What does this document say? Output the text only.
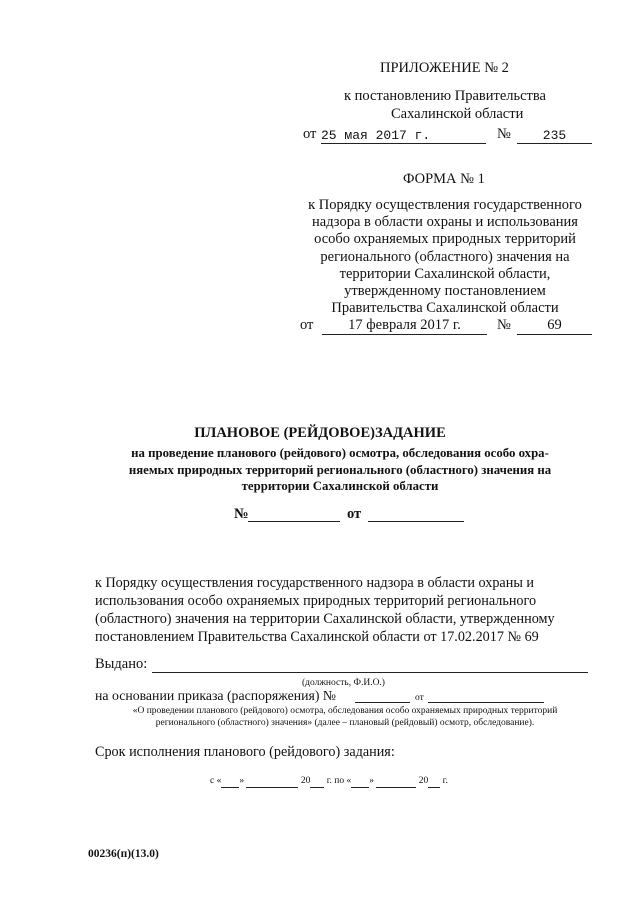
ПРИЛОЖЕНИЕ № 2
к постановлению Правительства
Сахалинской области
от 25 мая 2017 г.	№	235
ФОРМА № 1
к Порядку осуществления государственного
надзора в области охраны и использования
особо охраняемых природных территорий
регионального (областного) значения на
территории Сахалинской области,
утвержденному постановлением
Правительства Сахалинской области
от	17 февраля 2017 г.	№	69
ПЛАНОВОЕ (РЕЙДОВОЕ)ЗАДАНИЕ
на проведение планового (рейдового) осмотра, обследования особо охра-
няемых природных территорий регионального (областного) значения на
территории Сахалинской области
№	от
к Порядку осуществления государственного надзора в области охраны и
использования особо охраняемых природных территорий регионального
(областного) значения на территории Сахалинской области, утвержденному
постановлением Правительства Сахалинской области от 17.02.2017 № 69
Выдано:
(должность, Ф.И.О.)
на основании приказа (распоряжения) №	от
«О проведении планового (рейдового) осмотра, обследования особо охраняемых природных территорий
регионального (областного) значения» (далее – плановый (рейдовый) осмотр, обследование).
Срок исполнения планового (рейдового) задания:
с « »	20 г. по « »	20 г.
00236(п)(13.0)
